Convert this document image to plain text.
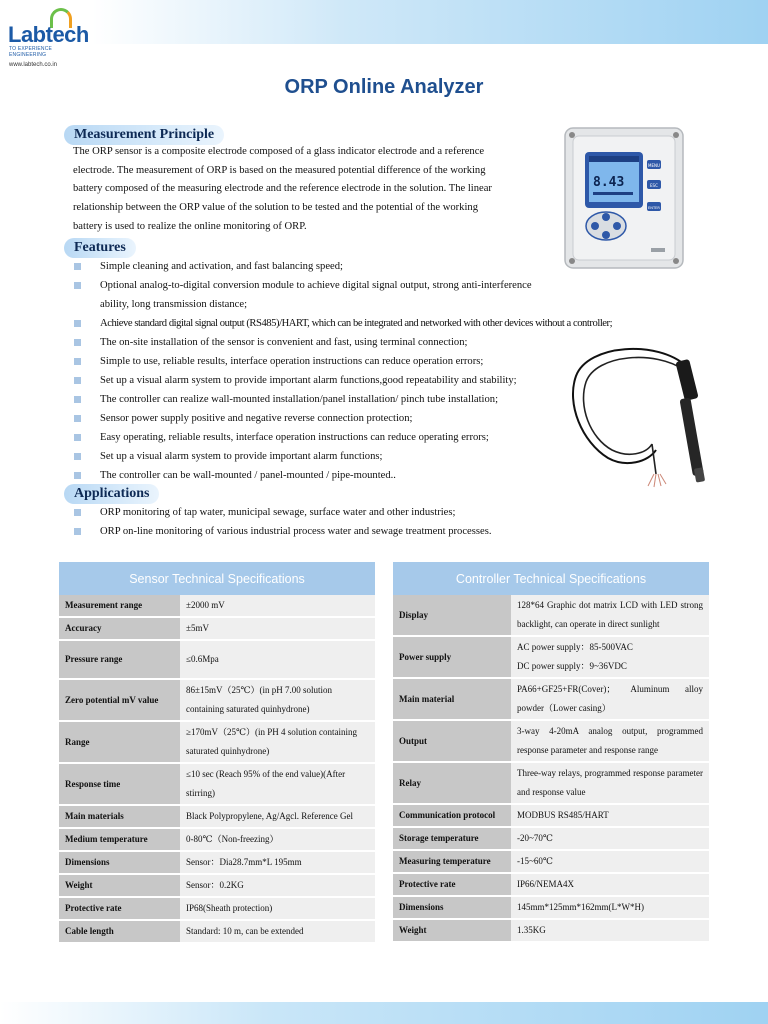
Labtech
TO EXPERIENCE ENGINEERING
www.labtech.co.in
ORP Online Analyzer
Measurement Principle
The ORP sensor is a composite electrode composed of a glass indicator electrode and a reference electrode. The measurement of ORP is based on the measured potential difference of the working battery composed of the measuring electrode and the reference electrode in the solution. The linear relationship between the ORP value of the solution to be tested and the potential of the working battery is used to realize the online monitoring of ORP.
8.43
MENU
ESC
ENTER
Features
Simple cleaning and activation, and fast balancing speed;
Optional analog-to-digital conversion module to achieve digital signal output, strong anti-interference ability, long transmission distance;
Achieve standard digital signal output (RS485)/HART, which can be integrated and networked with other devices without a controller;
The on-site installation of the sensor is convenient and fast, using terminal connection;
Simple to use, reliable results, interface operation instructions can reduce operation errors;
Set up a visual alarm system to provide important alarm functions,good repeatability and stability;
The controller can realize wall-mounted installation/panel installation/ pinch tube installation;
Sensor power supply positive and negative reverse connection protection;
Easy operating, reliable results, interface operation instructions can reduce operating errors;
Set up a visual alarm system to provide important alarm functions;
The controller can be wall-mounted / panel-mounted / pipe-mounted..
Applications
ORP monitoring of tap water, municipal sewage, surface water and other industries;
ORP on-line monitoring of various industrial process water and sewage treatment processes.
Sensor Technical Specifications	
Measurement range	±2000 mV
Accuracy	±5mV
Pressure range	≤0.6Mpa
Zero potential mV value	86±15mV（25℃）(in pH 7.00 solution containing saturated quinhydrone)
Range	≥170mV（25℃）(in PH 4 solution containing saturated quinhydrone)
Response time	≤10 sec (Reach 95% of the end value)(After stirring)
Main materials	Black Polypropylene, Ag/Agcl. Reference Gel
Medium temperature	0-80℃（Non-freezing）
Dimensions	Sensor：Dia28.7mm*L 195mm
Weight	Sensor：0.2KG
Protective rate	IP68(Sheath protection)
Cable length	Standard: 10 m, can be extended
Controller Technical Specifications	
Display	128*64 Graphic dot matrix LCD with LED strong backlight, can operate in direct sunlight
Power supply	AC power supply：85-500VAC
DC power supply：9~36VDC

Main material	PA66+GF25+FR(Cover)； Aluminum alloy powder（Lower casing）
Output	3-way 4-20mA analog output, programmed response parameter and response range
Relay	Three-way relays, programmed response parameter and response value
Communication protocol	MODBUS RS485/HART
Storage temperature	-20~70℃
Measuring temperature	-15~60℃
Protective rate	IP66/NEMA4X
Dimensions	145mm*125mm*162mm(L*W*H)
Weight	1.35KG
